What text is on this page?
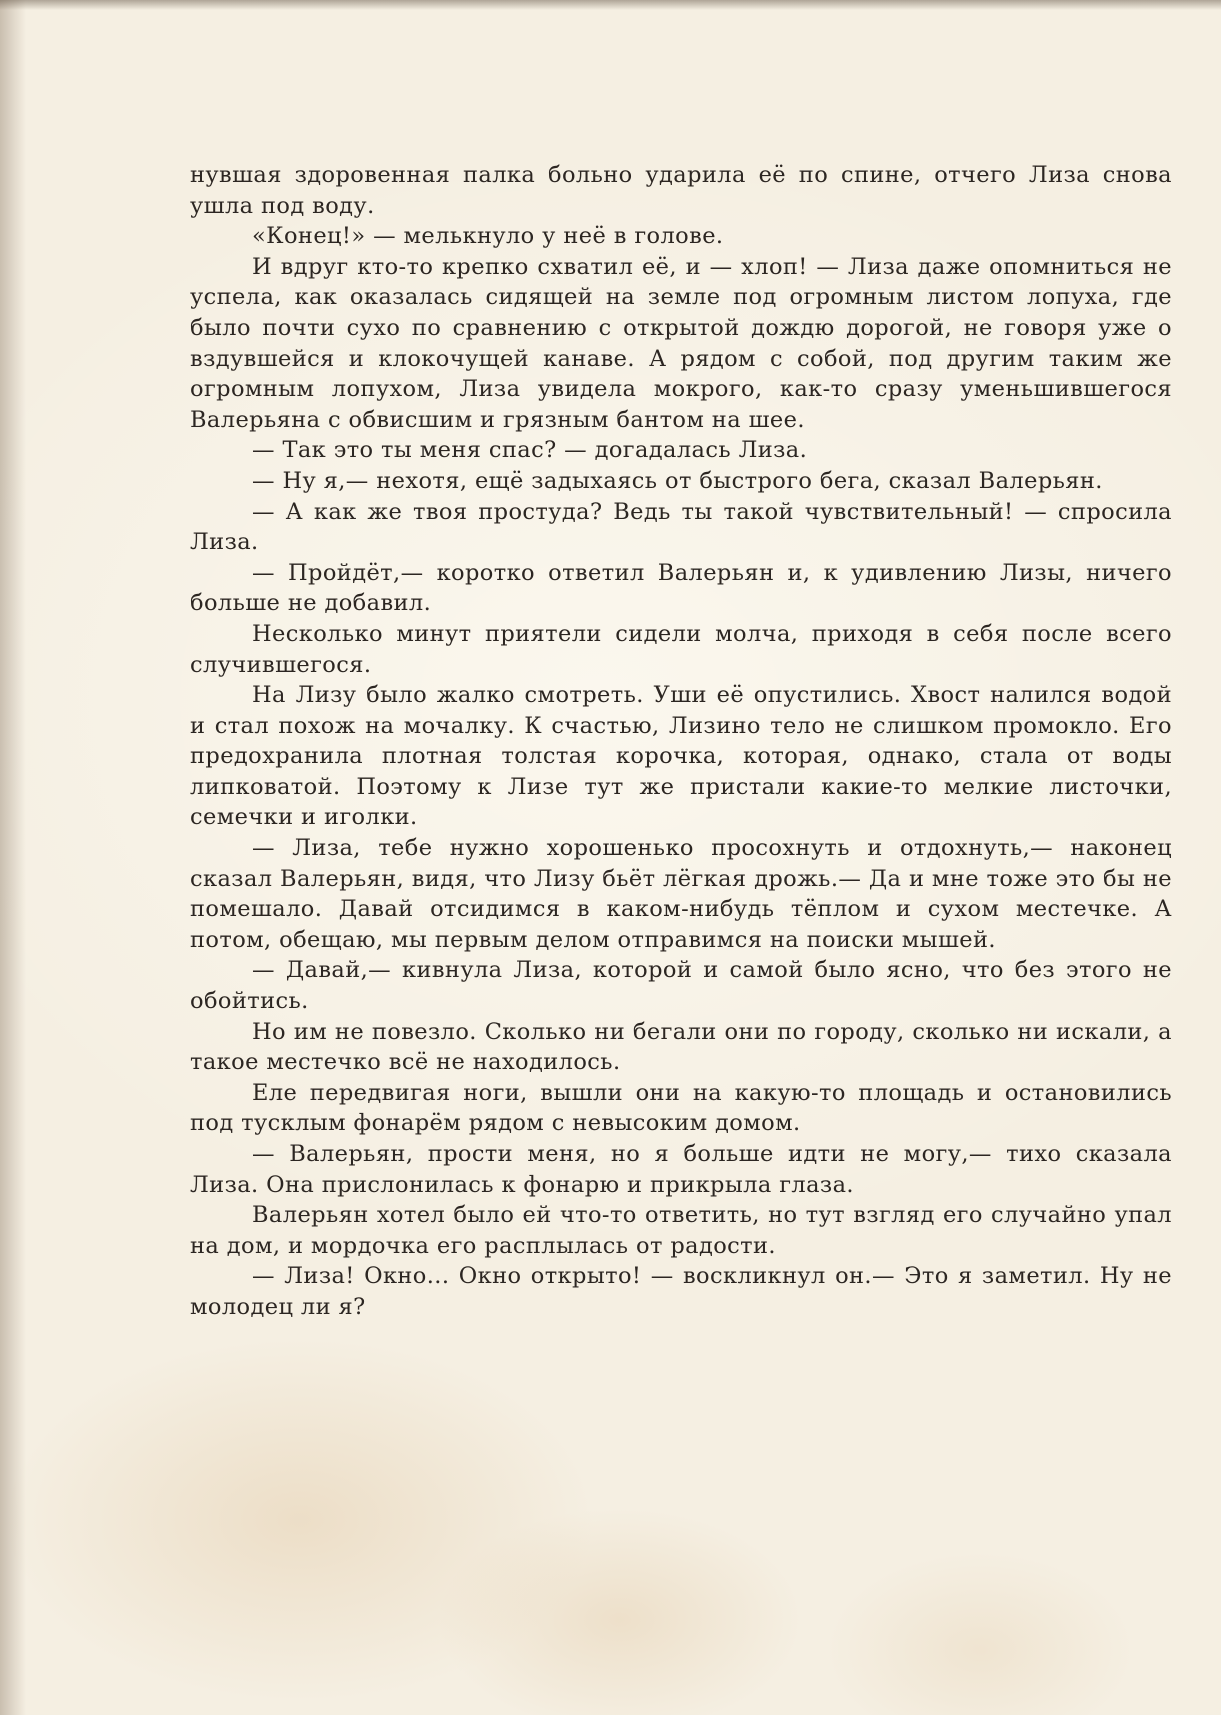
нувшая здоровенная палка больно ударила её по спине, отчего Лиза снова ушла под воду.

«Конец!» — мелькнуло у неё в голове.

И вдруг кто-то крепко схватил её, и — хлоп! — Лиза даже опомниться не успела, как оказалась сидящей на земле под огромным листом лопуха, где было почти сухо по сравнению с открытой дождю дорогой, не говоря уже о вздувшейся и клокочущей канаве. А рядом с собой, под другим таким же огромным лопухом, Лиза увидела мокрого, как-то сразу уменьшившегося Валерьяна с обвисшим и грязным бантом на шее.

— Так это ты меня спас? — догадалась Лиза.

— Ну я,— нехотя, ещё задыхаясь от быстрого бега, сказал Валерьян.

— А как же твоя простуда? Ведь ты такой чувствительный! — спросила Лиза.

— Пройдёт,— коротко ответил Валерьян и, к удивлению Лизы, ничего больше не добавил.

Несколько минут приятели сидели молча, приходя в себя после всего случившегося.

На Лизу было жалко смотреть. Уши её опустились. Хвост налился водой и стал похож на мочалку. К счастью, Лизино тело не слишком промокло. Его предохранила плотная толстая корочка, которая, однако, стала от воды липковатой. Поэтому к Лизе тут же пристали какие-то мелкие листочки, семечки и иголки.

— Лиза, тебе нужно хорошенько просохнуть и отдохнуть,— наконец сказал Валерьян, видя, что Лизу бьёт лёгкая дрожь.— Да и мне тоже это бы не помешало. Давай отсидимся в каком-нибудь тёплом и сухом местечке. А потом, обещаю, мы первым делом отправимся на поиски мышей.

— Давай,— кивнула Лиза, которой и самой было ясно, что без этого не обойтись.

Но им не повезло. Сколько ни бегали они по городу, сколько ни искали, а такое местечко всё не находилось.

Еле передвигая ноги, вышли они на какую-то площадь и остановились под тусклым фонарём рядом с невысоким домом.

— Валерьян, прости меня, но я больше идти не могу,— тихо сказала Лиза. Она прислонилась к фонарю и прикрыла глаза.

Валерьян хотел было ей что-то ответить, но тут взгляд его случайно упал на дом, и мордочка его расплылась от радости.

— Лиза! Окно... Окно открыто! — воскликнул он.— Это я заметил. Ну не молодец ли я?
